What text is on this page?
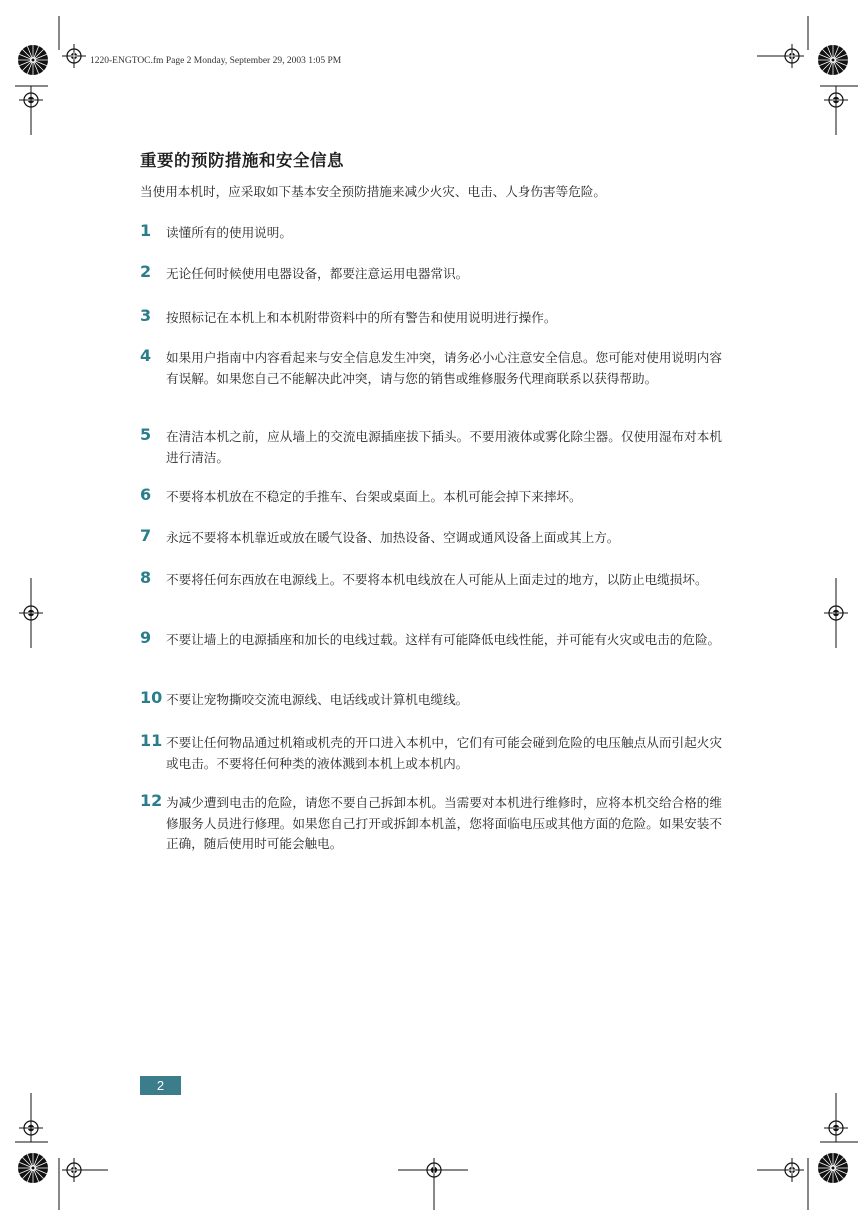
1220-ENGTOC.fm Page 2 Monday, September 29, 2003 1:05 PM
重要的预防措施和安全信息
当使用本机时，应采取如下基本安全预防措施来减少火灾、电击、人身伤害等危险。
1 读懂所有的使用说明。
2 无论任何时候使用电器设备，都要注意运用电器常识。
3 按照标记在本机上和本机附带资料中的所有警告和使用说明进行操作。
4 如果用户指南中内容看起来与安全信息发生冲突，请务必小心注意安全信息。您可能对使用说明内容有误解。如果您自己不能解决此冲突，请与您的销售或维修服务代理商联系以获得帮助。
5 在清洁本机之前，应从墙上的交流电源插座拔下插头。不要用液体或雾化除尘器。仅使用湿布对本机进行清洁。
6 不要将本机放在不稳定的手推车、台架或桌面上。本机可能会掉下来摔坏。
7 永远不要将本机靠近或放在暖气设备、加热设备、空调或通风设备上面或其上方。
8 不要将任何东西放在电源线上。不要将本机电线放在人可能从上面走过的地方，以防止电缆损坏。
9 不要让墙上的电源插座和加长的电线过载。这样有可能降低电线性能，并可能有火灾或电击的危险。
10 不要让宠物撕咬交流电源线、电话线或计算机电缆线。
11 不要让任何物品通过机箱或机壳的开口进入本机中，它们有可能会碰到危险的电压触点从而引起火灾或电击。不要将任何种类的液体溅到本机上或本机内。
12 为减少遭到电击的危险，请您不要自己拆卸本机。当需要对本机进行维修时，应将本机交给合格的维修服务人员进行修理。如果您自己打开或拆卸本机盖，您将面临电压或其他方面的危险。如果安装不正确，随后使用时可能会触电。
2
